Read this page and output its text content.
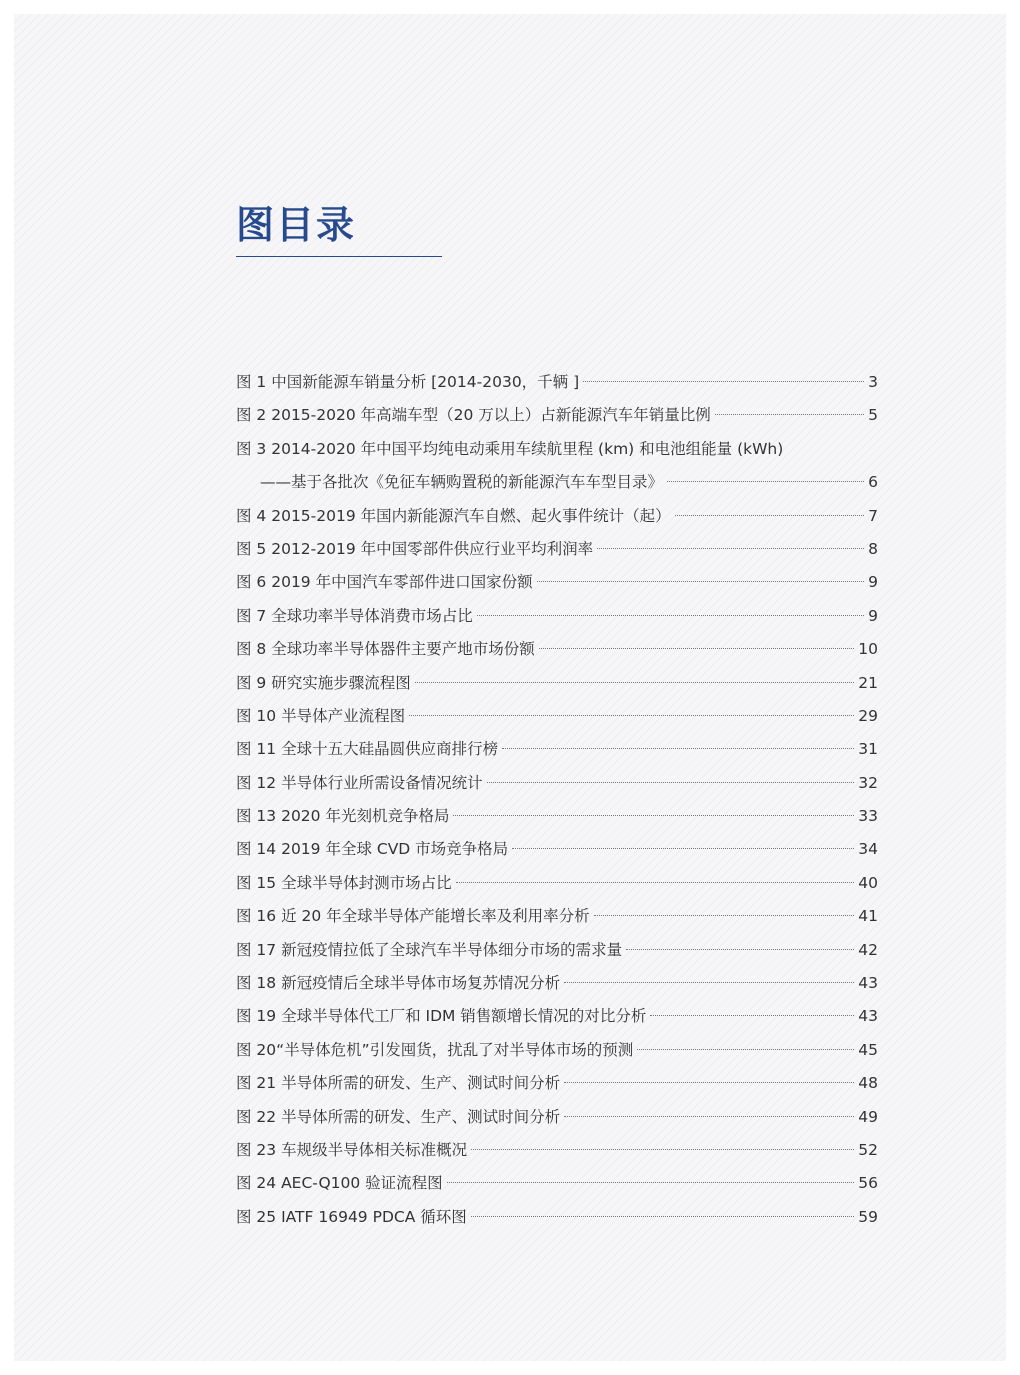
图目录
图 1 中国新能源车销量分析 [2014-2030，千辆 ]	3
图 2 2015-2020 年高端车型（20 万以上）占新能源汽车年销量比例	5
图 3 2014-2020 年中国平均纯电动乘用车续航里程 (km) 和电池组能量 (kWh)
——基于各批次《免征车辆购置税的新能源汽车车型目录》	6
图 4 2015-2019 年国内新能源汽车自燃、起火事件统计（起）	7
图 5 2012-2019 年中国零部件供应行业平均利润率	8
图 6 2019 年中国汽车零部件进口国家份额	9
图 7 全球功率半导体消费市场占比	9
图 8 全球功率半导体器件主要产地市场份额	10
图 9 研究实施步骤流程图	21
图 10 半导体产业流程图	29
图 11 全球十五大硅晶圆供应商排行榜	31
图 12 半导体行业所需设备情况统计	32
图 13 2020 年光刻机竞争格局	33
图 14 2019 年全球 CVD 市场竞争格局	34
图 15 全球半导体封测市场占比	40
图 16 近 20 年全球半导体产能增长率及利用率分析	41
图 17 新冠疫情拉低了全球汽车半导体细分市场的需求量	42
图 18 新冠疫情后全球半导体市场复苏情况分析	43
图 19 全球半导体代工厂和 IDM 销售额增长情况的对比分析	43
图 20“半导体危机”引发囤货，扰乱了对半导体市场的预测	45
图 21 半导体所需的研发、生产、测试时间分析	48
图 22 半导体所需的研发、生产、测试时间分析	49
图 23 车规级半导体相关标准概况	52
图 24 AEC-Q100 验证流程图	56
图 25 IATF 16949 PDCA 循环图	59
